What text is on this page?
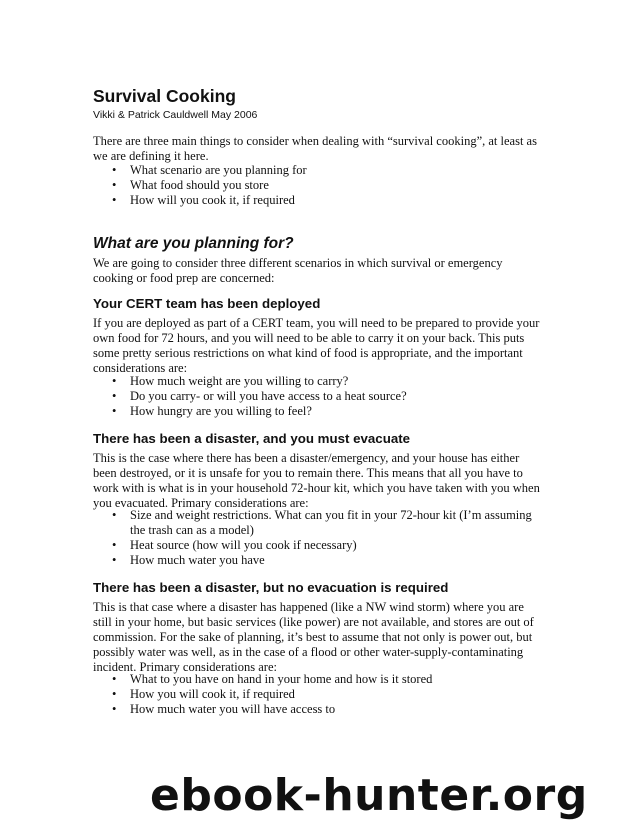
Survival Cooking

Vikki & Patrick Cauldwell May 2006

There are three main things to consider when dealing with “survival cooking”, at least as
we are defining it here.

• What scenario are you planning for
• What food should you store
• How will you cook it, if required
What are you planning for?

We are going to consider three different scenarios in which survival or emergency
cooking or food prep are concerned:

Your CERT team has been deployed

If you are deployed as part of a CERT team, you will need to be prepared to provide your
own food for 72 hours, and you will need to be able to carry it on your back. This puts
some pretty serious restrictions on what kind of food is appropriate, and the important
considerations are:

• How much weight are you willing to carry?
• Do you carry- or will you have access to a heat source?
• How hungry are you willing to feel?
There has been a disaster, and you must evacuate

This is the case where there has been a disaster/emergency, and your house has either
been destroyed, or it is unsafe for you to remain there. This means that all you have to
work with is what is in your household 72-hour kit, which you have taken with you when
you evacuated. Primary considerations are:

• Size and weight restrictions. What can you fit in your 72-hour kit (I’m assuming
the trash can as a model)
• Heat source (how will you cook if necessary)
• How much water you have
There has been a disaster, but no evacuation is required

This is that case where a disaster has happened (like a NW wind storm) where you are
still in your home, but basic services (like power) are not available, and stores are out of
commission. For the sake of planning, it’s best to assume that not only is power out, but
possibly water was well, as in the case of a flood or other water-supply-contaminating
incident. Primary considerations are:

• What to you have on hand in your home and how is it stored
• How you will cook it, if required
• How much water you will have access to
ebook-hunter.org
